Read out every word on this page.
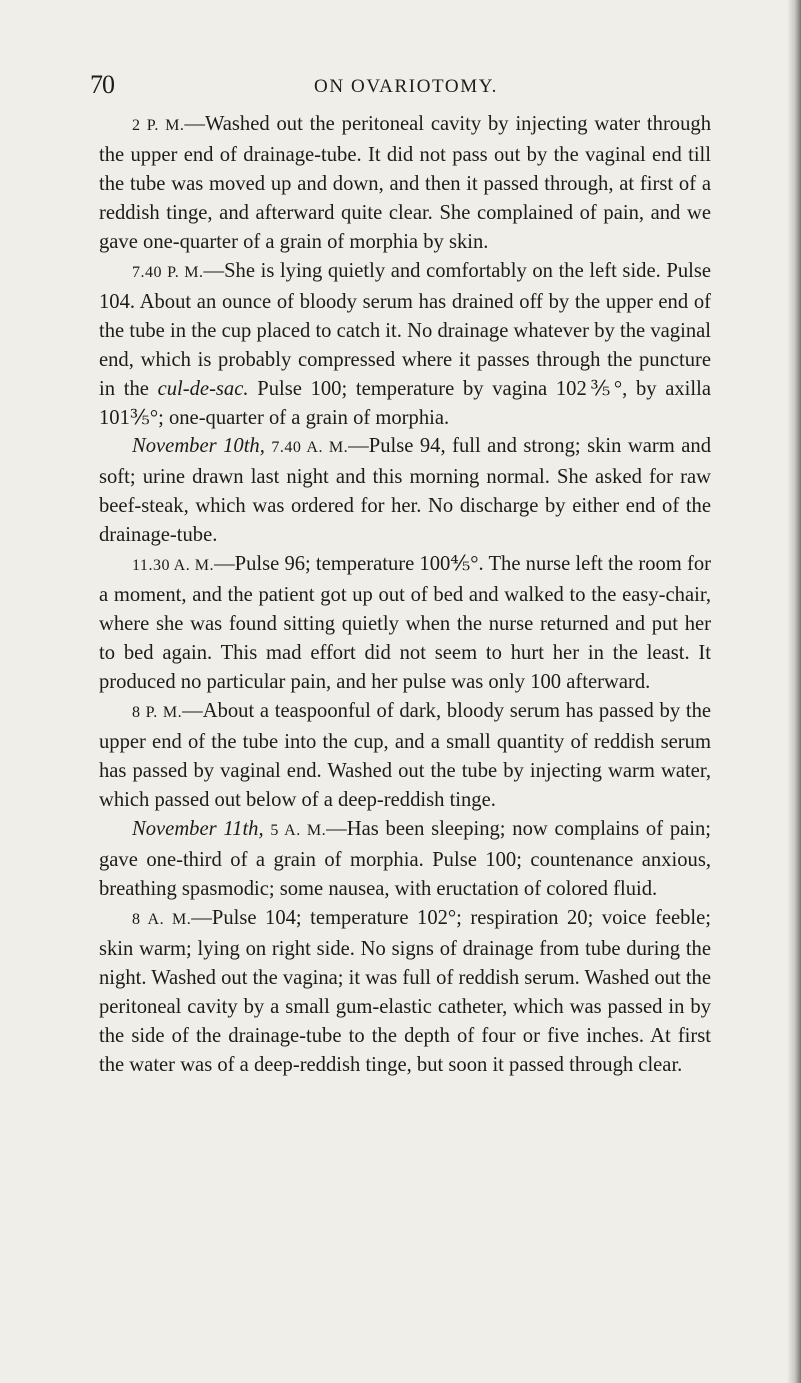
70	ON OVARIOTOMY.

2 P. M.—Washed out the peritoneal cavity by injecting water through the upper end of drainage-tube. It did not pass out by the vaginal end till the tube was moved up and down, and then it passed through, at first of a reddish tinge, and afterward quite clear. She complained of pain, and we gave one-quarter of a grain of morphia by skin.

7.40 P. M.—She is lying quietly and comfortably on the left side. Pulse 104. About an ounce of bloody serum has drained off by the upper end of the tube in the cup placed to catch it. No drainage whatever by the vaginal end, which is probably compressed where it passes through the puncture in the cul-de-sac. Pulse 100; temperature by vagina 102⅗°, by axilla 101⅗°; one-quarter of a grain of morphia.

November 10th, 7.40 A. M.—Pulse 94, full and strong; skin warm and soft; urine drawn last night and this morning normal. She asked for raw beef-steak, which was ordered for her. No discharge by either end of the drainage-tube.

11.30 A. M.—Pulse 96; temperature 100⅘°. The nurse left the room for a moment, and the patient got up out of bed and walked to the easy-chair, where she was found sitting quietly when the nurse returned and put her to bed again. This mad effort did not seem to hurt her in the least. It produced no particular pain, and her pulse was only 100 afterward.

8 P. M.—About a teaspoonful of dark, bloody serum has passed by the upper end of the tube into the cup, and a small quantity of reddish serum has passed by vaginal end. Washed out the tube by injecting warm water, which passed out below of a deep-reddish tinge.

November 11th, 5 A. M.—Has been sleeping; now complains of pain; gave one-third of a grain of morphia. Pulse 100; countenance anxious, breathing spasmodic; some nausea, with eructation of colored fluid.

8 A. M.—Pulse 104; temperature 102°; respiration 20; voice feeble; skin warm; lying on right side. No signs of drainage from tube during the night. Washed out the vagina; it was full of reddish serum. Washed out the peritoneal cavity by a small gum-elastic catheter, which was passed in by the side of the drainage-tube to the depth of four or five inches. At first the water was of a deep-reddish tinge, but soon it passed through clear.
